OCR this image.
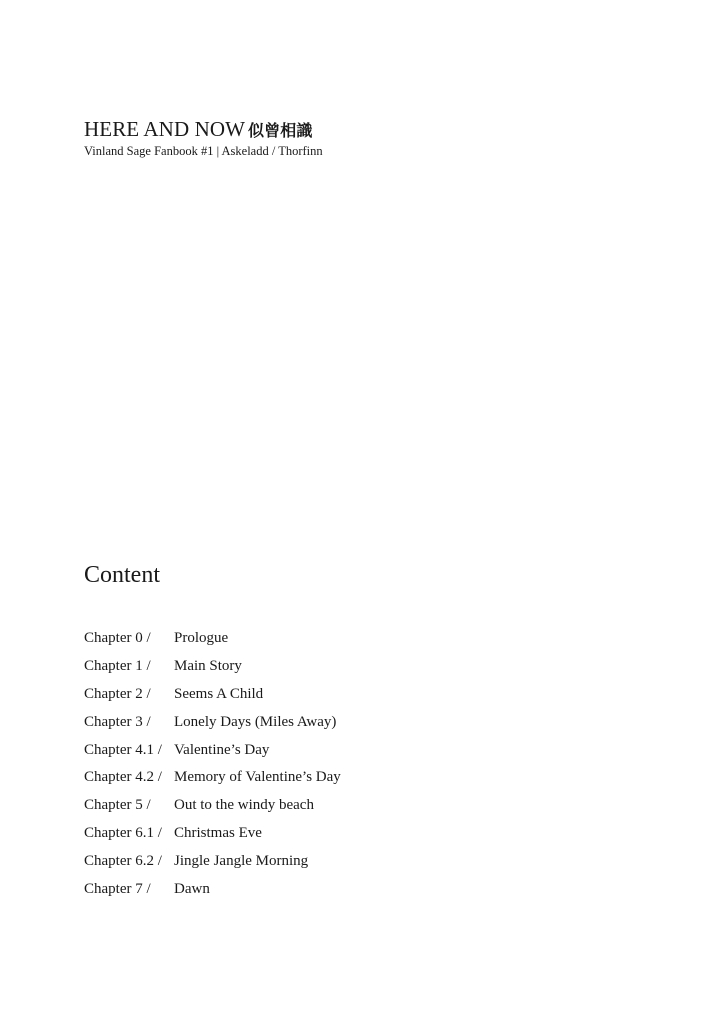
HERE AND NOW 似曾相識
Vinland Sage Fanbook #1 | Askeladd / Thorfinn
Content
Chapter 0 /	Prologue
Chapter 1 /	Main Story
Chapter 2 /	Seems A Child
Chapter 3 /	Lonely Days (Miles Away)
Chapter 4.1 / Valentine’s Day
Chapter 4.2 / Memory of Valentine’s Day
Chapter 5 /	Out to the windy beach
Chapter 6.1 / Christmas Eve
Chapter 6.2 / Jingle Jangle Morning
Chapter 7 /	Dawn
